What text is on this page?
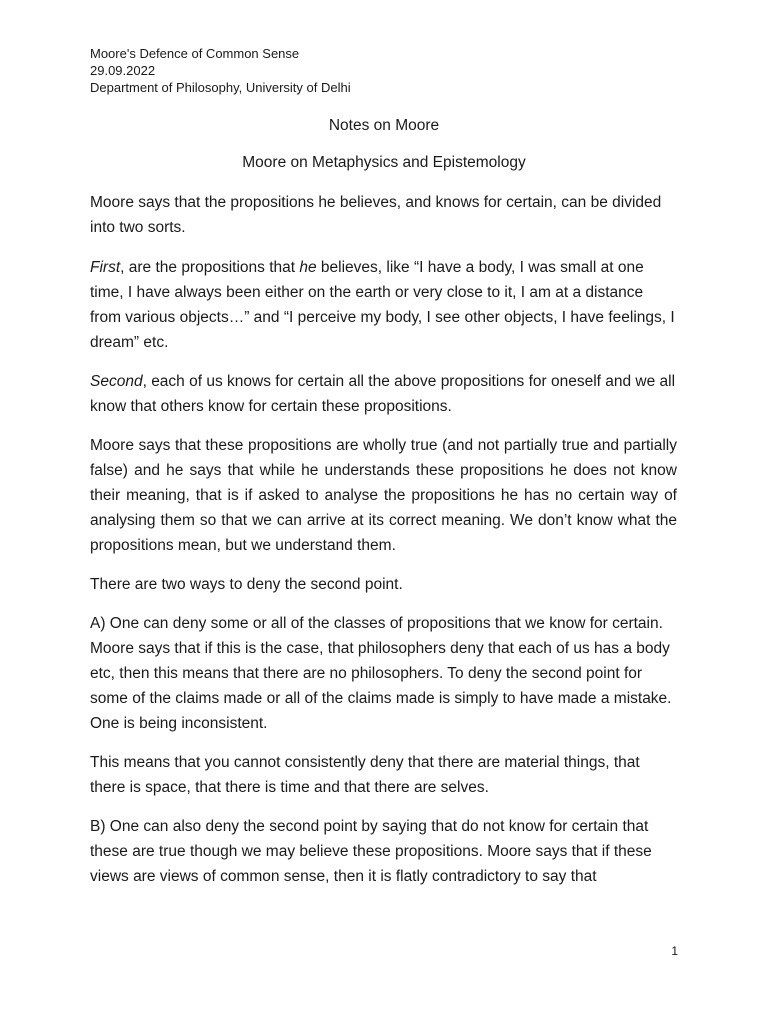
Moore's Defence of Common Sense
29.09.2022
Department of Philosophy, University of Delhi
Notes on Moore
Moore on Metaphysics and Epistemology

Moore says that the propositions he believes, and knows for certain, can be divided into two sorts.

First, are the propositions that he believes, like “I have a body, I was small at one time, I have always been either on the earth or very close to it, I am at a distance from various objects…” and “I perceive my body, I see other objects, I have feelings, I dream” etc.

Second, each of us knows for certain all the above propositions for oneself and we all know that others know for certain these propositions.

Moore says that these propositions are wholly true (and not partially true and partially false) and he says that while he understands these propositions he does not know their meaning, that is if asked to analyse the propositions he has no certain way of analysing them so that we can arrive at its correct meaning. We don’t know what the propositions mean, but we understand them.

There are two ways to deny the second point.

A) One can deny some or all of the classes of propositions that we know for certain. Moore says that if this is the case, that philosophers deny that each of us has a body etc, then this means that there are no philosophers. To deny the second point for some of the claims made or all of the claims made is simply to have made a mistake. One is being inconsistent.

This means that you cannot consistently deny that there are material things, that there is space, that there is time and that there are selves.

B) One can also deny the second point by saying that do not know for certain that these are true though we may believe these propositions. Moore says that if these views are views of common sense, then it is flatly contradictory to say that

1
